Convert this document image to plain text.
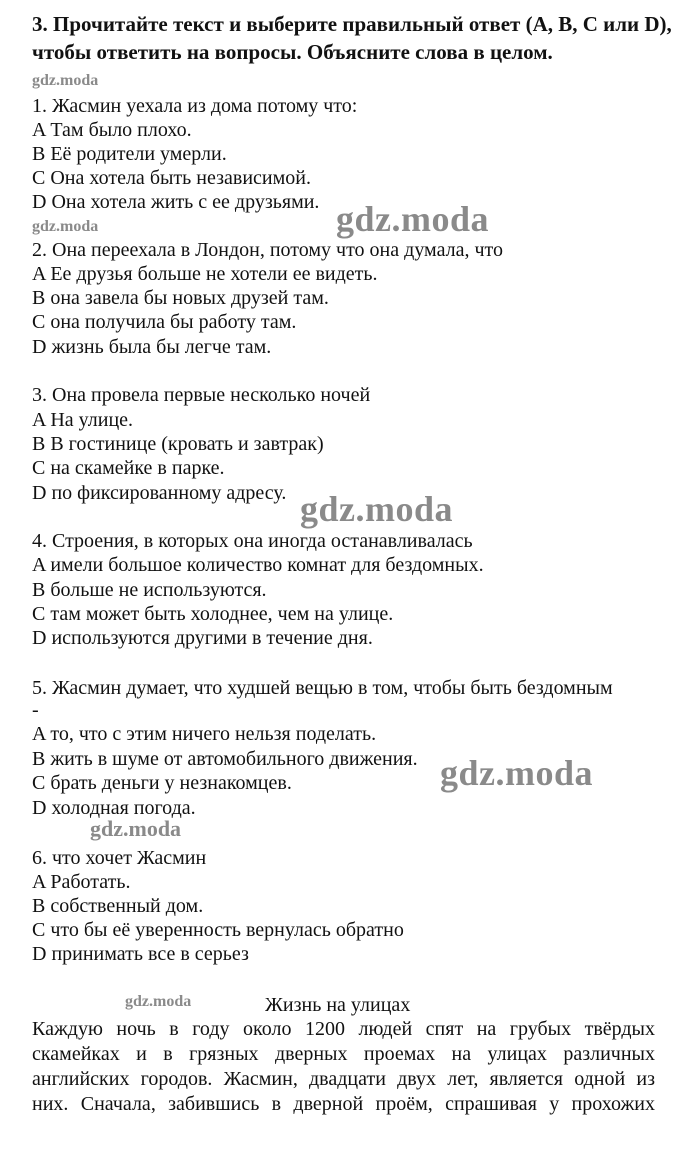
3. Прочитайте текст и выберите правильный ответ (A, B, C или D), чтобы ответить на вопросы. Объясните слова в целом.
gdz.moda
gdz.moda	gdz.moda
gdz.moda
gdz.moda
gdz.moda
gdz.moda
1. Жасмин уехала из дома потому что:
A Там было плохо.
B Её родители умерли.
C Она хотела быть независимой.
D Она хотела жить с ее друзьями.
2. Она переехала в Лондон, потому что она думала, что
A Ее друзья больше не хотели ее видеть.
B она завела бы новых друзей там.
C она получила бы работу там.
D жизнь была бы легче там.
3. Она провела первые несколько ночей
A На улице.
B В гостинице (кровать и завтрак)
C на скамейке в парке.
D по фиксированному адресу.
4. Строения, в которых она иногда останавливалась
A имели большое количество комнат для бездомных.
B больше не используются.
C там может быть холоднее, чем на улице.
D используются другими в течение дня.
5. Жасмин думает, что худшей вещью в том, чтобы быть бездомным
-
A то, что с этим ничего нельзя поделать.
B жить в шуме от автомобильного движения.
C брать деньги у незнакомцев.
D холодная погода.
6. что хочет Жасмин
A Работать.
B собственный дом.
C что бы её уверенность вернулась обратно
D принимать все в серьез
Жизнь на улицах
Каждую ночь в году около 1200 людей спят на грубых твёрдых
скамейках и в грязных дверных проемах на улицах различных
английских городов. Жасмин, двадцати двух лет, является одной из
них. Сначала, забившись в дверной проём, спрашивая у прохожих
